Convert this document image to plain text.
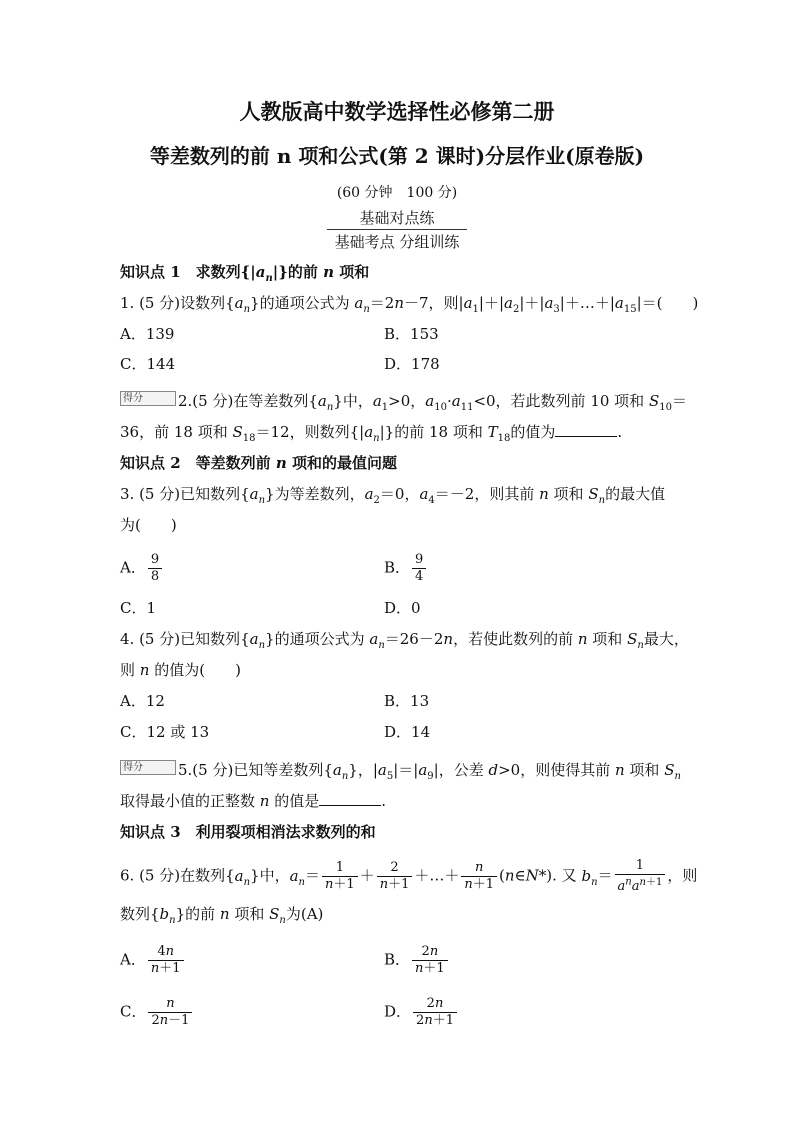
人教版高中数学选择性必修第二册
等差数列的前 n 项和公式(第 2 课时)分层作业(原卷版)
(60 分钟　100 分)
基础对点练
基础考点 分组训练
知识点 1　求数列$\{|a_n|\}$的前 n 项和
1. (5 分)设数列$\{a_n\}$的通项公式为 $a_n=2n-7$，则$|a_1|+|a_2|+|a_3|+\dots+|a_{15}|=$(　　)
A．139	B．153
C．144	D．178
得分 2.(5 分)在等差数列$\{a_n\}$中，$a_1>0$，$a_{10}\cdot a_{11}<0$，若此数列前 10 项和 $S_{10}=$
36，前 18 项和 $S_{18}=12$，则数列$\{|a_n|\}$的前 18 项和 $T_{18}$的值为	.
知识点 2　等差数列前 n 项和的最值问题
3. (5 分)已知数列$\{a_n\}$为等差数列，$a_2=0$，$a_4=-2$，则其前 n 项和 $S_n$的最大值
为(　　)
A． $\frac{9}{8}$	B． $\frac{9}{4}$
C．1	D．0
4. (5 分)已知数列$\{a_n\}$的通项公式为 $a_n=26-2n$，若使此数列的前 n 项和 $S_n$最大，
则 n 的值为(　　)
A．12	B．13
C．12 或 13	D．14
得分 5.(5 分)已知等差数列$\{a_n\}$，$|a_5|=|a_9|$，公差 d>0，则使得其前 n 项和 $S_n$
取得最小值的正整数 n 的值是	.
知识点 3　利用裂项相消法求数列的和
6. (5 分)在数列$\{a_n\}$中，$a_n= \frac{1}{n+1} + \frac{2}{n+1}$ ＋…＋ $\frac{n}{n+1}$ (n∈N*). 又 $b_n= \frac{1}{a^na^{n+1}}$ ，则
数列$\{b_n\}$的前 n 项和 $S_n$为(A)
A． $\frac{4n}{n+1}$	B． $\frac{2n}{n+1}$
C． $\frac{n}{2n-1}$	D． $\frac{2n}{2n+1}$
